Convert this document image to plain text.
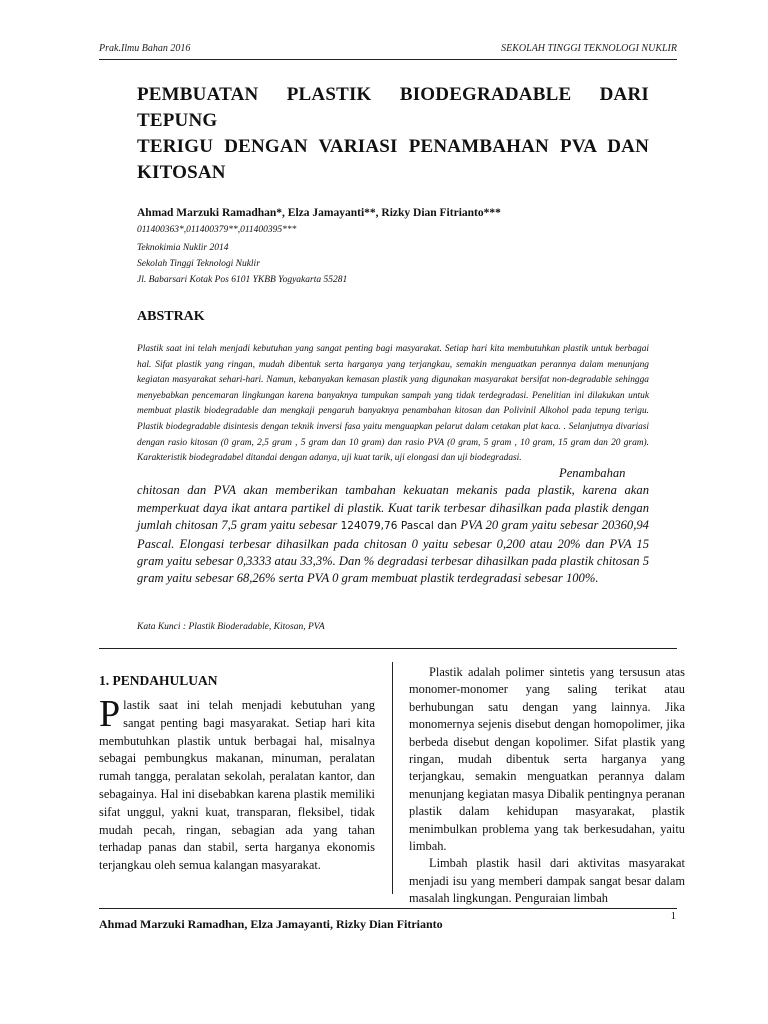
Prak.Ilmu Bahan 2016	SEKOLAH TINGGI TEKNOLOGI NUKLIR
PEMBUATAN PLASTIK BIODEGRADABLE DARI TEPUNG
TERIGU DENGAN VARIASI PENAMBAHAN PVA DAN
KITOSAN
Ahmad Marzuki Ramadhan*, Elza Jamayanti**, Rizky Dian Fitrianto***
011400363*,011400379**,011400395***
Teknokimia Nuklir 2014
Sekolah Tinggi Teknologi Nuklir
Jl. Babarsari Kotak Pos 6101 YKBB Yogyakarta 55281
ABSTRAK

Plastik saat ini telah menjadi kebutuhan yang sangat penting bagi masyarakat. Setiap hari kita membutuhkan plastik untuk berbagai hal. Sifat plastik yang ringan, mudah dibentuk serta harganya yang terjangkau, semakin menguatkan perannya dalam menunjang kegiatan masyarakat sehari-hari. Namun, kebanyakan kemasan plastik yang digunakan masyarakat bersifat non-degradable sehingga menyebabkan pencemaran lingkungan karena banyaknya tumpukan sampah yang tidak terdegradasi. Penelitian ini dilakukan untuk membuat plastik biodegradable dan mengkaji pengaruh banyaknya penambahan kitosan dan Polivinil Alkohol pada tepung terigu. Plastik biodegradable disintesis dengan teknik inversi fasa yaitu menguapkan pelarut dalam cetakan plat kaca. . Selanjutnya divariasi dengan rasio kitosan (0 gram, 2,5 gram , 5 gram dan 10 gram) dan rasio PVA (0 gram, 5 gram , 10 gram, 15 gram dan 20 gram). Karakteristik biodegradabel ditandai dengan adanya, uji kuat tarik, uji elongasi dan uji biodegradasi.

Penambahan chitosan dan PVA akan memberikan tambahan kekuatan mekanis pada plastik, karena akan memperkuat daya ikat antara partikel di plastik. Kuat tarik terbesar dihasilkan pada plastik dengan jumlah chitosan 7,5 gram yaitu sebesar 124079,76 Pascal dan PVA 20 gram yaitu sebesar 20360,94 Pascal. Elongasi terbesar dihasilkan pada chitosan 0 yaitu sebesar 0,200 atau 20% dan PVA 15 gram yaitu sebesar 0,3333 atau 33,3%. Dan % degradasi terbesar dihasilkan pada plastik chitosan 5 gram yaitu sebesar 68,26% serta PVA 0 gram membuat plastik terdegradasi sebesar 100%.

Kata Kunci : Plastik Bioderadable, Kitosan, PVA
1. PENDAHULUAN

Plastik saat ini telah menjadi kebutuhan yang sangat penting bagi masyarakat. Setiap hari kita membutuhkan plastik untuk berbagai hal, misalnya sebagai pembungkus makanan, minuman, peralatan rumah tangga, peralatan sekolah, peralatan kantor, dan sebagainya. Hal ini disebabkan karena plastik memiliki sifat unggul, yakni kuat, transparan, fleksibel, tidak mudah pecah, ringan, sebagian ada yang tahan terhadap panas dan stabil, serta harganya ekonomis terjangkau oleh semua kalangan masyarakat.

Plastik adalah polimer sintetis yang tersusun atas monomer-monomer yang saling terikat atau berhubungan satu dengan yang lainnya. Jika monomernya sejenis disebut dengan homopolimer, jika berbeda disebut dengan kopolimer. Sifat plastik yang ringan, mudah dibentuk serta harganya yang terjangkau, semakin menguatkan perannya dalam menunjang kegiatan masya Dibalik pentingnya peranan plastik dalam kehidupan masyarakat, plastik menimbulkan problema yang tak berkesudahan, yaitu limbah.

Limbah plastik hasil dari aktivitas masyarakat menjadi isu yang memberi dampak sangat besar dalam masalah lingkungan. Penguraian limbah

1
Ahmad Marzuki Ramadhan, Elza Jamayanti, Rizky Dian Fitrianto
